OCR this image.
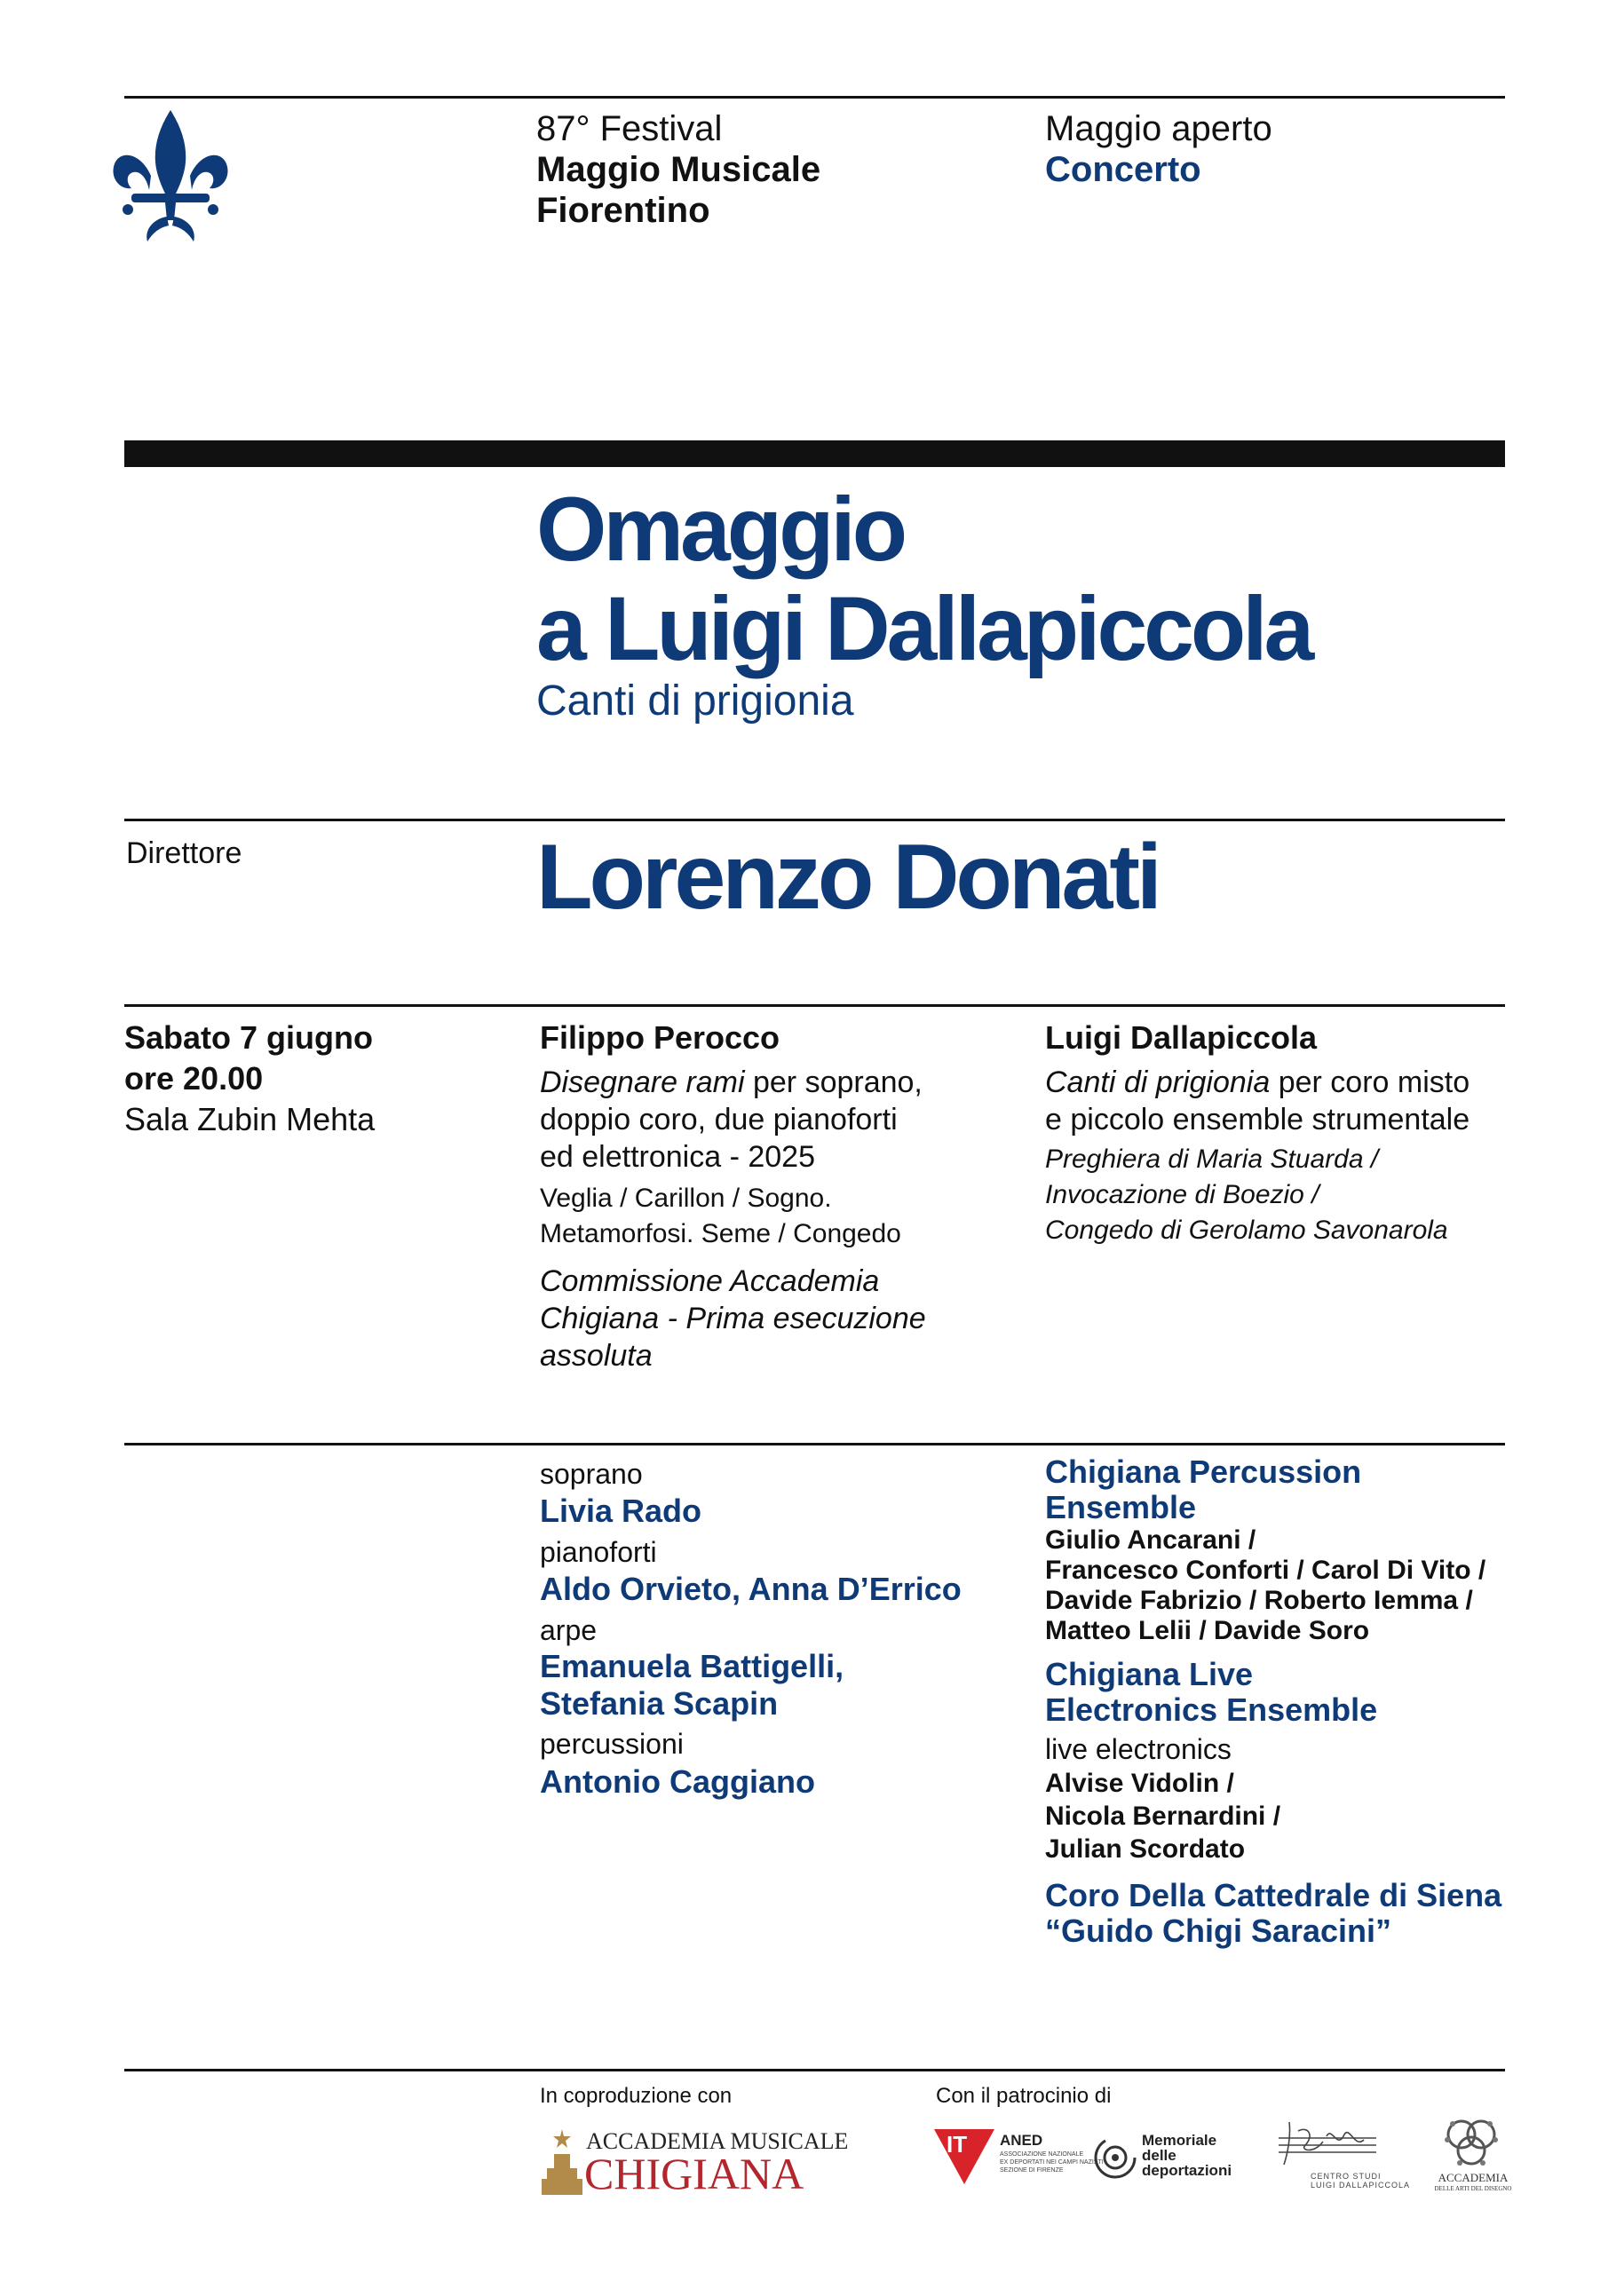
87° Festival
Maggio Musicale
Fiorentino
Maggio aperto
Concerto
Omaggio
a Luigi Dallapiccola
Canti di prigionia
Direttore	Lorenzo Donati
Sabato 7 giugno
ore 20.00
Sala Zubin Mehta
Filippo Perocco
Disegnare rami per soprano,
doppio coro, due pianoforti
ed elettronica - 2025
Veglia / Carillon / Sogno.
Metamorfosi. Seme / Congedo
Commissione Accademia
Chigiana - Prima esecuzione
assoluta
Luigi Dallapiccola
Canti di prigionia per coro misto
e piccolo ensemble strumentale
Preghiera di Maria Stuarda /
Invocazione di Boezio /
Congedo di Gerolamo Savonarola
soprano
Livia Rado
pianoforti
Aldo Orvieto, Anna D’Errico
arpe
Emanuela Battigelli,
Stefania Scapin
percussioni
Antonio Caggiano
Chigiana Percussion
Ensemble
Giulio Ancarani /
Francesco Conforti / Carol Di Vito /
Davide Fabrizio / Roberto Iemma /
Matteo Lelii / Davide Soro
Chigiana Live
Electronics Ensemble
live electronics
Alvise Vidolin /
Nicola Bernardini /
Julian Scordato
Coro Della Cattedrale di Siena
“Guido Chigi Saracini”
In coproduzione con	Con il patrocinio di
ACCADEMIA MUSICALE
CHIGIANA
IT ANED
ASSOCIAZIONE NAZIONALE
EX DEPORTATI NEI CAMPI NAZISTI
SEZIONE DI FIRENZE
Memoriale
delle
deportazioni	CENTRO STUDI
LUIGI DALLAPICCOLA
ACCADEMIA
DELLE ARTI DEL DISEGNO
